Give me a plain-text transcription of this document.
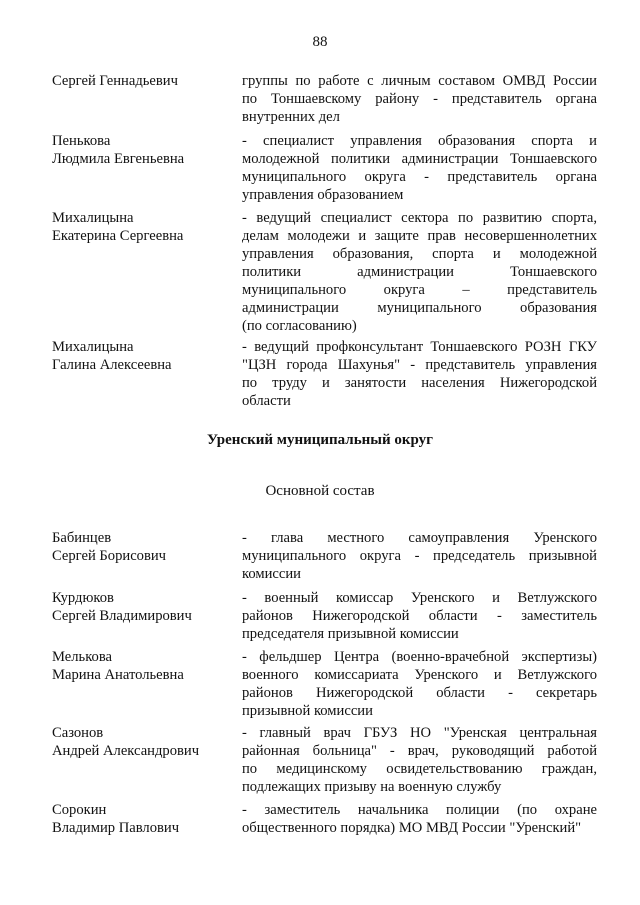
88
Сергей Геннадьевич	группы по работе с личным составом ОМВД России
по Тоншаевскому району - представитель органа
внутренних дел
Пенькова
Людмила Евгеньевна
- специалист управления образования спорта и
молодежной политики администрации Тоншаевского
муниципального округа - представитель органа
управления образованием
Михалицына
Екатерина Сергеевна
- ведущий специалист сектора по развитию спорта,
делам молодежи и защите прав несовершеннолетних
управления образования, спорта и молодежной
политики администрации Тоншаевского
муниципального округа – представитель
администрации муниципального образования
(по согласованию)
Михалицына
Галина Алексеевна
- ведущий профконсультант Тоншаевского РОЗН ГКУ
"ЦЗН города Шахунья" - представитель управления
по труду и занятости населения Нижегородской
области
Уренский муниципальный округ
Основной состав
Бабинцев
Сергей Борисович
- глава местного самоуправления Уренского
муниципального округа - председатель призывной
комиссии
Курдюков
Сергей Владимирович
- военный комиссар Уренского и Ветлужского
районов Нижегородской области - заместитель
председателя призывной комиссии
Мелькова
Марина Анатольевна
- фельдшер Центра (военно-врачебной экспертизы)
военного комиссариата Уренского и Ветлужского
районов Нижегородской области - секретарь
призывной комиссии
Сазонов
Андрей Александрович
- главный врач ГБУЗ НО "Уренская центральная
районная больница" - врач, руководящий работой
по медицинскому освидетельствованию граждан,
подлежащих призыву на военную службу
Сорокин
Владимир Павлович
- заместитель начальника полиции (по охране
общественного порядка) МО МВД России "Уренский"
